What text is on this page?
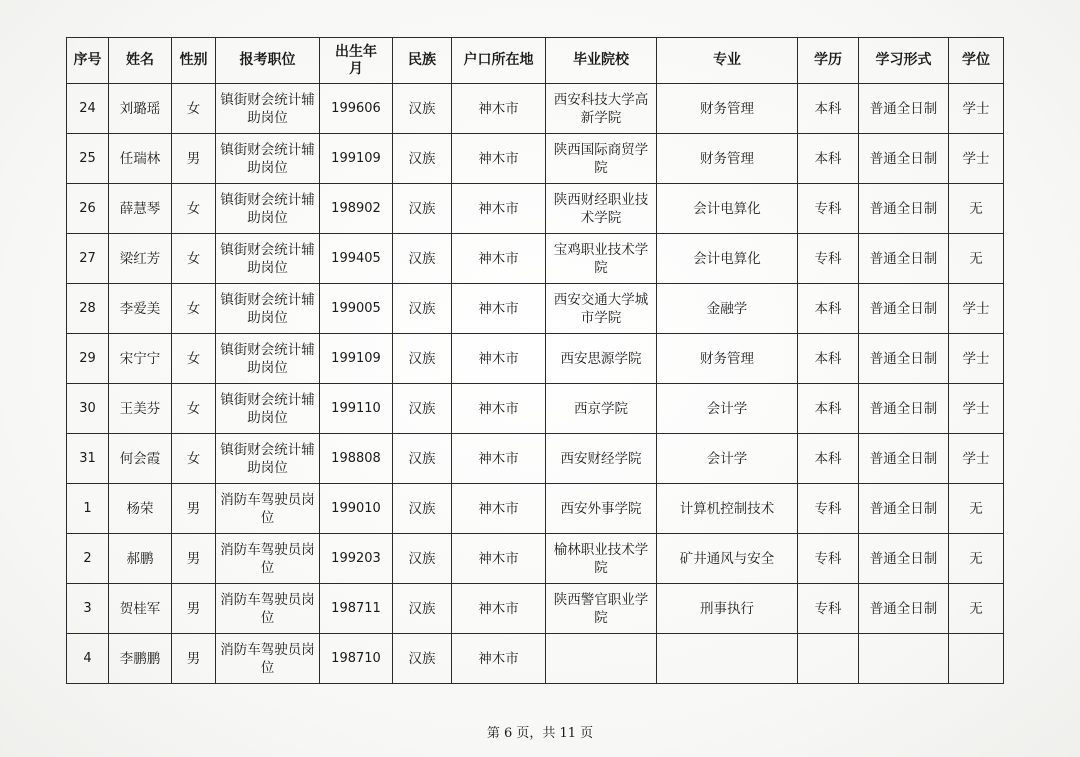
序号	姓名	性别	报考职位	出生年月	民族	户口所在地	毕业院校	专业	学历	学习形式	学位
24	刘璐瑶	女	镇街财会统计辅助岗位	199606	汉族	神木市	西安科技大学高新学院	财务管理	本科	普通全日制	学士
25	任瑞林	男	镇街财会统计辅助岗位	199109	汉族	神木市	陕西国际商贸学院	财务管理	本科	普通全日制	学士
26	薛慧琴	女	镇街财会统计辅助岗位	198902	汉族	神木市	陕西财经职业技术学院	会计电算化	专科	普通全日制	无
27	梁红芳	女	镇街财会统计辅助岗位	199405	汉族	神木市	宝鸡职业技术学院	会计电算化	专科	普通全日制	无
28	李爱美	女	镇街财会统计辅助岗位	199005	汉族	神木市	西安交通大学城市学院	金融学	本科	普通全日制	学士
29	宋宁宁	女	镇街财会统计辅助岗位	199109	汉族	神木市	西安思源学院	财务管理	本科	普通全日制	学士
30	王美芬	女	镇街财会统计辅助岗位	199110	汉族	神木市	西京学院	会计学	本科	普通全日制	学士
31	何会霞	女	镇街财会统计辅助岗位	198808	汉族	神木市	西安财经学院	会计学	本科	普通全日制	学士
1	杨荣	男	消防车驾驶员岗位	199010	汉族	神木市	西安外事学院	计算机控制技术	专科	普通全日制	无
2	郝鹏	男	消防车驾驶员岗位	199203	汉族	神木市	榆林职业技术学院	矿井通风与安全	专科	普通全日制	无
3	贺桂军	男	消防车驾驶员岗位	198711	汉族	神木市	陕西警官职业学院	刑事执行	专科	普通全日制	无
4	李鹏鹏	男	消防车驾驶员岗位	198710	汉族	神木市					
第 6 页，共 11 页
